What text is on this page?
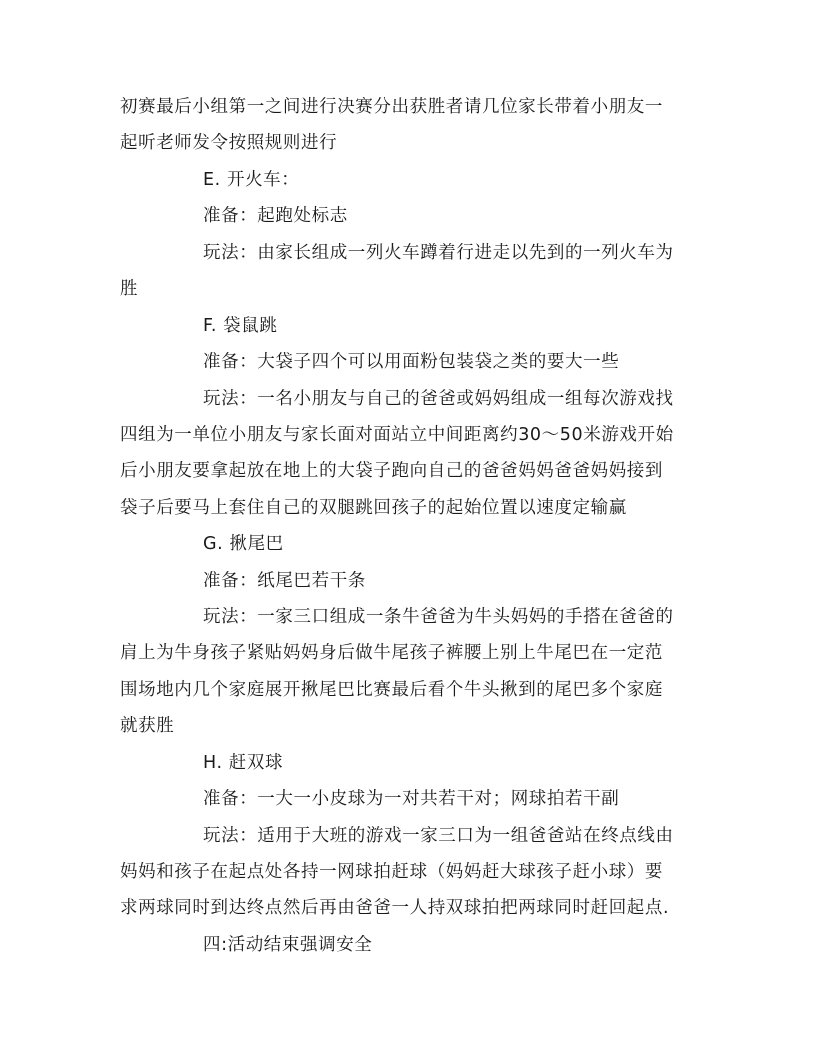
初赛最后小组第一之间进行决赛分出获胜者请几位家长带着小朋友一
起听老师发令按照规则进行
E. 开火车：
准备：起跑处标志
玩法：由家长组成一列火车蹲着行进走以先到的一列火车为
胜
F. 袋鼠跳
准备：大袋子四个可以用面粉包装袋之类的要大一些
玩法：一名小朋友与自己的爸爸或妈妈组成一组每次游戏找
四组为一单位小朋友与家长面对面站立中间距离约30～50米游戏开始
后小朋友要拿起放在地上的大袋子跑向自己的爸爸妈妈爸爸妈妈接到
袋子后要马上套住自己的双腿跳回孩子的起始位置以速度定输赢
G. 揪尾巴
准备：纸尾巴若干条
玩法：一家三口组成一条牛爸爸为牛头妈妈的手搭在爸爸的
肩上为牛身孩子紧贴妈妈身后做牛尾孩子裤腰上别上牛尾巴在一定范
围场地内几个家庭展开揪尾巴比赛最后看个牛头揪到的尾巴多个家庭
就获胜
H. 赶双球
准备：一大一小皮球为一对共若干对；网球拍若干副
玩法：适用于大班的游戏一家三口为一组爸爸站在终点线由
妈妈和孩子在起点处各持一网球拍赶球（妈妈赶大球孩子赶小球）要
求两球同时到达终点然后再由爸爸一人持双球拍把两球同时赶回起点.
四:活动结束强调安全
